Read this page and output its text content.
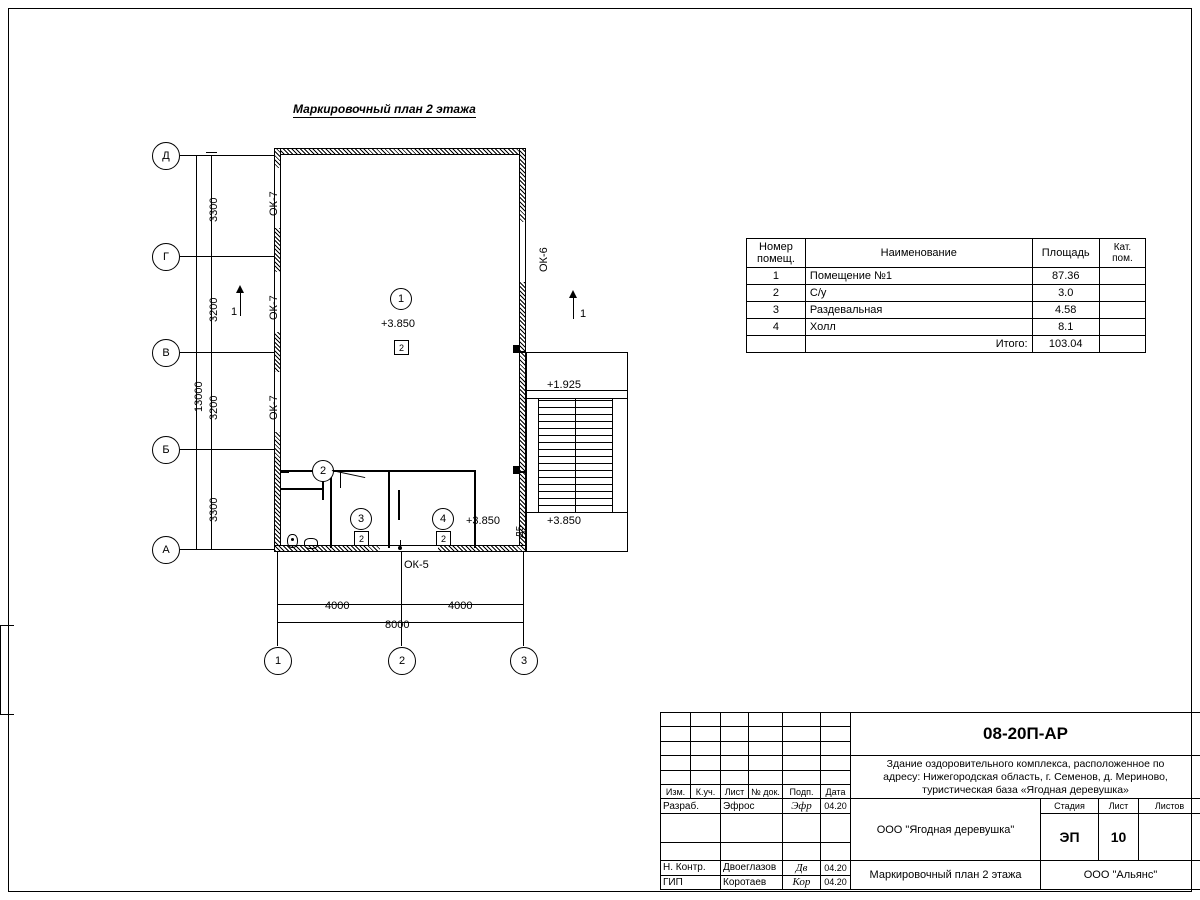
Маркировочный план 2 этажа
Д
Г
В
Б
А
3300
3200
3200
3300
13000
1	2	3
4000	4000
8000
ОК-7
ОК-7
ОК-7
ОК-6
ОК-5
Д5
1	1
1
+3.850
2
2
3
2
4
2
+1.925
+3.850	+3.850
Номер
помещ.	Наименование	Площадь	Кат.
пом.
1	Помещение №1	87.36	
2	С/у	3.0	
3	Раздевальная	4.58	
4	Холл	8.1	
	Итого:	103.04	
						08-20П-АР			

						Здание оздоровительного комплекса, расположенное по
адресу: Нижегородская область, г. Семенов, д. Мериново,
туристическая база «Ягодная деревушка»			

Изм.	К.уч.	Лист	№ док.	Подп.	Дата				
Разраб.		Эфрос		Эфр	04.20	ООО "Ягодная деревушка"	Стадия	Лист	Листов
							ЭП	10	

Н. Контр.		Двоеглазов		Дв	04.20	Маркировочный план 2 этажа	ООО "Альянс"		
ГИП		Коротаев		Кор	04.20				
